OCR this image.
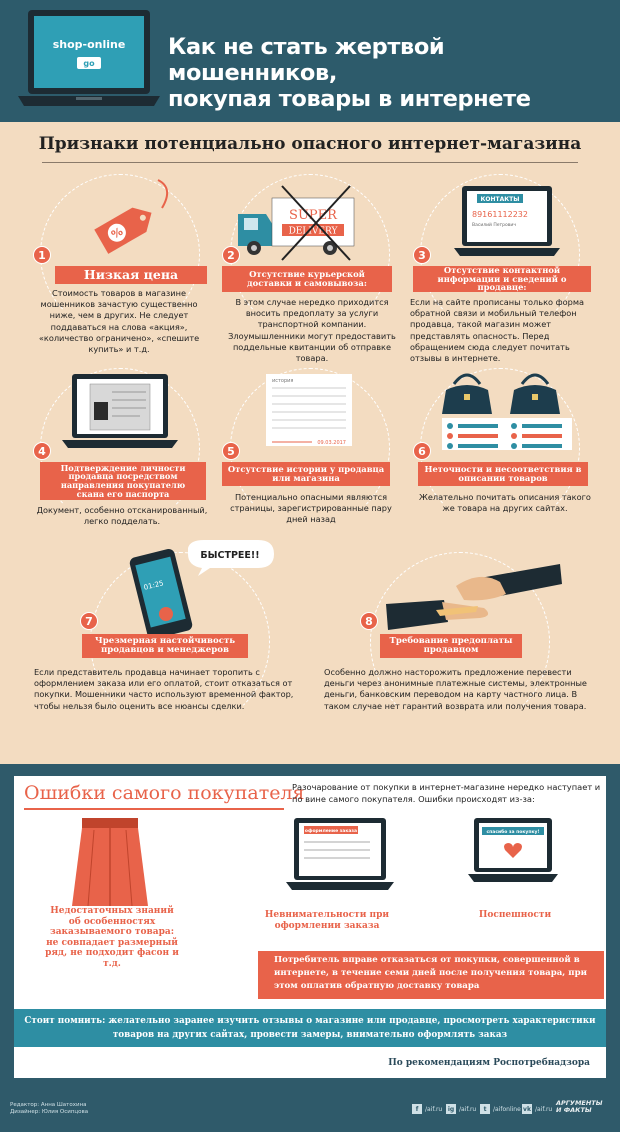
shop-online
go
Как не стать жертвой мошенников,
покупая товары в интернете
Признаки потенциально опасного интернет-магазина
%
1
Низкая цена
Стоимость товаров в магазине мошенников зачастую существенно ниже, чем в других. Не следует поддаваться на слова «акция», «количество ограничено», «спешите купить» и т.д.
SUPER
DELIVERY
2
Отсутствие курьерской доставки и самовывоза:
В этом случае нередко приходится вносить предоплату за услуги транспортной компании. Злоумышленники могут предоставить поддельные квитанции об отправке товара.
КОНТАКТЫ
89161112232
Василий Петрович
3
Отсутствие контактной информации и сведений о продавце:
Если на сайте прописаны только форма обратной связи и мобильный телефон продавца, такой магазин может представлять опасность. Перед обращением сюда следует почитать отзывы в интернете.
4
Подтверждение личности продавца посредством направления покупателю скана его паспорта
Документ, особенно отсканированный, легко подделать.
история
09.03.2017
5
Отсутствие истории у продавца или магазина
Потенциально опасными являются страницы, зарегистрированные пару дней назад
6
Неточности и несоответствия в описании товаров
Желательно почитать описания такого же товара на других сайтах.
01:25
БЫСТРЕЕ!!
7
Чрезмерная настойчивость продавцов и менеджеров
Если представитель продавца начинает торопить с оформлением заказа или его оплатой, стоит отказаться от покупки. Мошенники часто используют временной фактор, чтобы нельзя было оценить все нюансы сделки.
8
Требование предоплаты продавцом
Особенно должно насторожить предложение перевести деньги через анонимные платежные системы, электронные деньги, банковским переводом на карту частного лица. В таком случае нет гарантий возврата или получения товара.
Ошибки самого покупателя
Разочарование от покупки в интернет-магазине нередко наступает и по вине самого покупателя. Ошибки происходят из-за:
Недостаточных знаний об особенностях заказываемого товара: не совпадает размерный ряд, не подходит фасон и т.д.
оформление заказа
Невнимательности при оформлении заказа
спасибо за покупку!
Поспешности
Потребитель вправе отказаться от покупки, совершенной в интернете, в течение семи дней после получения товара, при этом оплатив обратную доставку товара
Стоит помнить: желательно заранее изучить отзывы о магазине или продавце, просмотреть характеристики товаров на других сайтах, провести замеры, внимательно оформлять заказ
По рекомендациям Роспотребнадзора
Редактор: Анна Шатохина
Дизайнер: Юлия Осипцова	f	/aif.ru ig /aif.ru	t	/aifonline vk /aif.ru
АРГУМЕНТЫ
И ФАКТЫ
